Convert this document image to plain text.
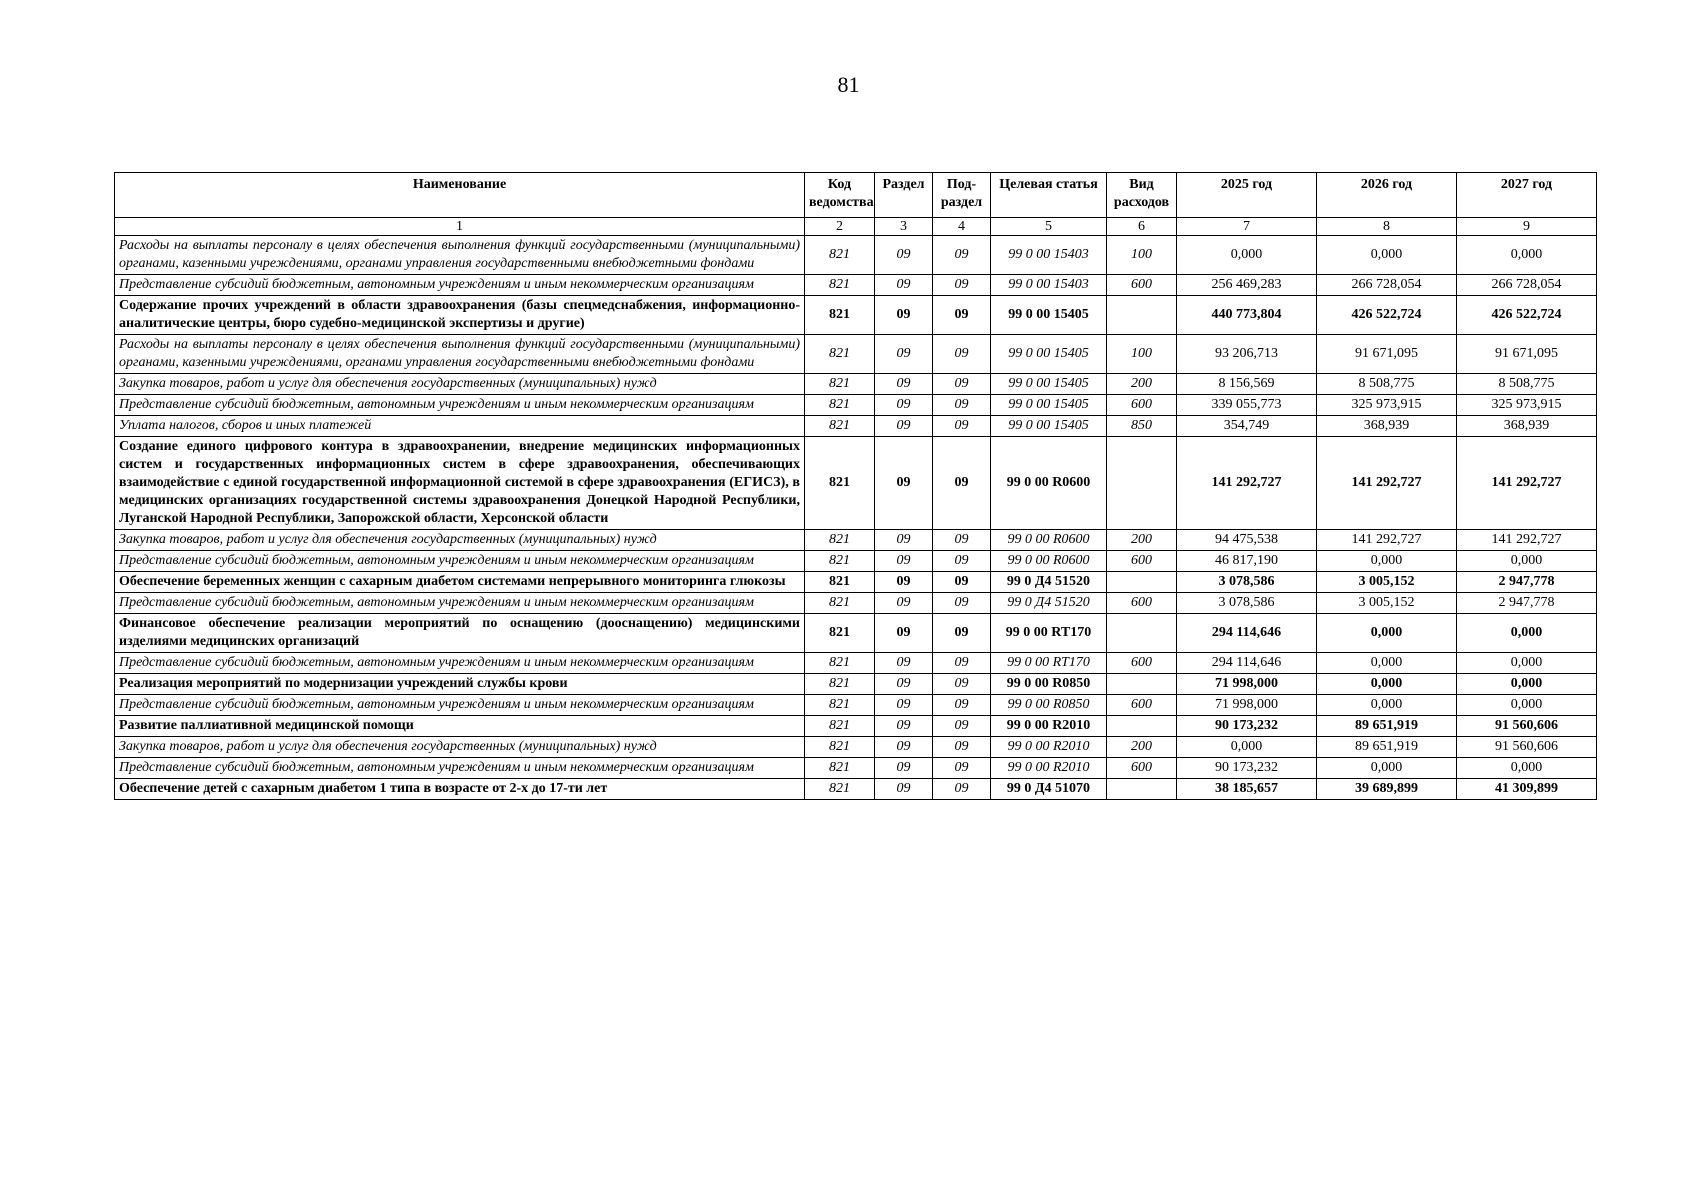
81
Наименование	Код ведомства	Раздел	Под-раздел	Целевая статья	Вид расходов	2025 год	2026 год	2027 год
1	2	3	4	5	6	7	8	9
Расходы на выплаты персоналу в целях обеспечения выполнения функций государственными (муниципальными) органами, казенными учреждениями, органами управления государственными внебюджетными фондами	821	09	09	99 0 00 15403	100	0,000	0,000	0,000
Представление субсидий бюджетным, автономным учреждениям и иным некоммерческим организациям	821	09	09	99 0 00 15403	600	256 469,283	266 728,054	266 728,054
Содержание прочих учреждений в области здравоохранения (базы спецмедснабжения, информационно-аналитические центры, бюро судебно-медицинской экспертизы и другие)	821	09	09	99 0 00 15405		440 773,804	426 522,724	426 522,724
Расходы на выплаты персоналу в целях обеспечения выполнения функций государственными (муниципальными) органами, казенными учреждениями, органами управления государственными внебюджетными фондами	821	09	09	99 0 00 15405	100	93 206,713	91 671,095	91 671,095
Закупка товаров, работ и услуг для обеспечения государственных (муниципальных) нужд	821	09	09	99 0 00 15405	200	8 156,569	8 508,775	8 508,775
Представление субсидий бюджетным, автономным учреждениям и иным некоммерческим организациям	821	09	09	99 0 00 15405	600	339 055,773	325 973,915	325 973,915
Уплата налогов, сборов и иных платежей	821	09	09	99 0 00 15405	850	354,749	368,939	368,939
Создание единого цифрового контура в здравоохранении, внедрение медицинских информационных систем и государственных информационных систем в сфере здравоохранения, обеспечивающих взаимодействие с единой государственной информационной системой в сфере здравоохранения (ЕГИСЗ), в медицинских организациях государственной системы здравоохранения Донецкой Народной Республики, Луганской Народной Республики, Запорожской области, Херсонской области	821	09	09	99 0 00 R0600		141 292,727	141 292,727	141 292,727
Закупка товаров, работ и услуг для обеспечения государственных (муниципальных) нужд	821	09	09	99 0 00 R0600	200	94 475,538	141 292,727	141 292,727
Представление субсидий бюджетным, автономным учреждениям и иным некоммерческим организациям	821	09	09	99 0 00 R0600	600	46 817,190	0,000	0,000
Обеспечение беременных женщин с сахарным диабетом системами непрерывного мониторинга глюкозы	821	09	09	99 0 Д4 51520		3 078,586	3 005,152	2 947,778
Представление субсидий бюджетным, автономным учреждениям и иным некоммерческим организациям	821	09	09	99 0 Д4 51520	600	3 078,586	3 005,152	2 947,778
Финансовое обеспечение реализации мероприятий по оснащению (дооснащению) медицинскими изделиями медицинских организаций	821	09	09	99 0 00 RT170		294 114,646	0,000	0,000
Представление субсидий бюджетным, автономным учреждениям и иным некоммерческим организациям	821	09	09	99 0 00 RT170	600	294 114,646	0,000	0,000
Реализация мероприятий по модернизации учреждений службы крови	821	09	09	99 0 00 R0850		71 998,000	0,000	0,000
Представление субсидий бюджетным, автономным учреждениям и иным некоммерческим организациям	821	09	09	99 0 00 R0850	600	71 998,000	0,000	0,000
Развитие паллиативной медицинской помощи	821	09	09	99 0 00 R2010		90 173,232	89 651,919	91 560,606
Закупка товаров, работ и услуг для обеспечения государственных (муниципальных) нужд	821	09	09	99 0 00 R2010	200	0,000	89 651,919	91 560,606
Представление субсидий бюджетным, автономным учреждениям и иным некоммерческим организациям	821	09	09	99 0 00 R2010	600	90 173,232	0,000	0,000

Обеспечение детей с сахарным диабетом 1 типа в возрасте от 2-х до 17-ти лет	821	09	09	99 0 Д4 51070		38 185,657	39 689,899	41 309,899
